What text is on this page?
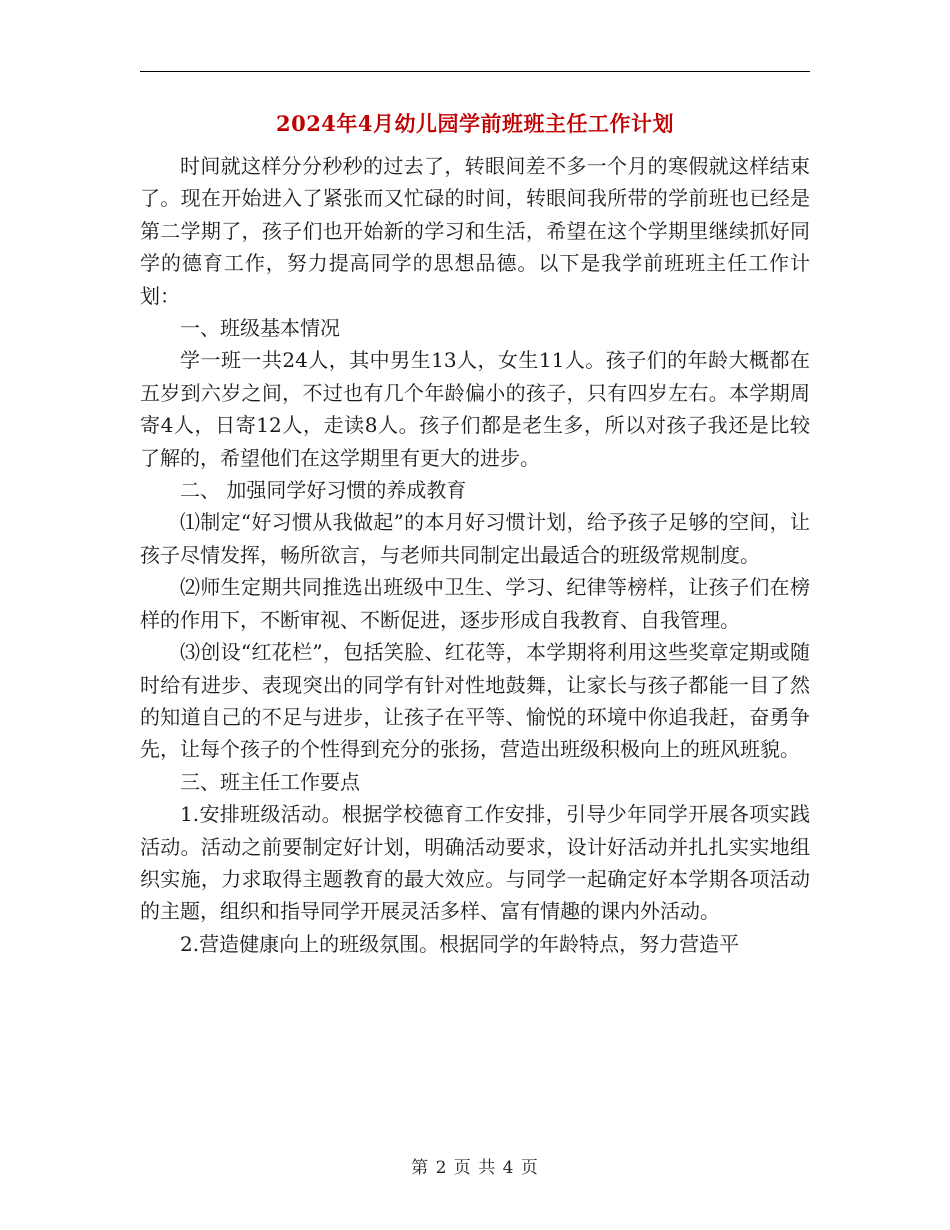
2024年4月幼儿园学前班班主任工作计划

时间就这样分分秒秒的过去了，转眼间差不多一个月的寒假就这样结束了。现在开始进入了紧张而又忙碌的时间，转眼间我所带的学前班也已经是第二学期了，孩子们也开始新的学习和生活，希望在这个学期里继续抓好同学的德育工作，努力提高同学的思想品德。以下是我学前班班主任工作计划：

一、班级基本情况

学一班一共24人，其中男生13人，女生11人。孩子们的年龄大概都在五岁到六岁之间，不过也有几个年龄偏小的孩子，只有四岁左右。本学期周寄4人，日寄12人，走读8人。孩子们都是老生多，所以对孩子我还是比较了解的，希望他们在这学期里有更大的进步。

二、 加强同学好习惯的养成教育

⑴制定“好习惯从我做起”的本月好习惯计划，给予孩子足够的空间，让孩子尽情发挥，畅所欲言，与老师共同制定出最适合的班级常规制度。

⑵师生定期共同推选出班级中卫生、学习、纪律等榜样，让孩子们在榜样的作用下，不断审视、不断促进，逐步形成自我教育、自我管理。

⑶创设“红花栏”，包括笑脸、红花等，本学期将利用这些奖章定期或随时给有进步、表现突出的同学有针对性地鼓舞，让家长与孩子都能一目了然的知道自己的不足与进步，让孩子在平等、愉悦的环境中你追我赶，奋勇争先，让每个孩子的个性得到充分的张扬，营造出班级积极向上的班风班貌。

三、班主任工作要点

1.安排班级活动。根据学校德育工作安排，引导少年同学开展各项实践活动。活动之前要制定好计划，明确活动要求，设计好活动并扎扎实实地组织实施，力求取得主题教育的最大效应。与同学一起确定好本学期各项活动的主题，组织和指导同学开展灵活多样、富有情趣的课内外活动。

2.营造健康向上的班级氛围。根据同学的年龄特点，努力营造平

第 2 页 共 4 页
